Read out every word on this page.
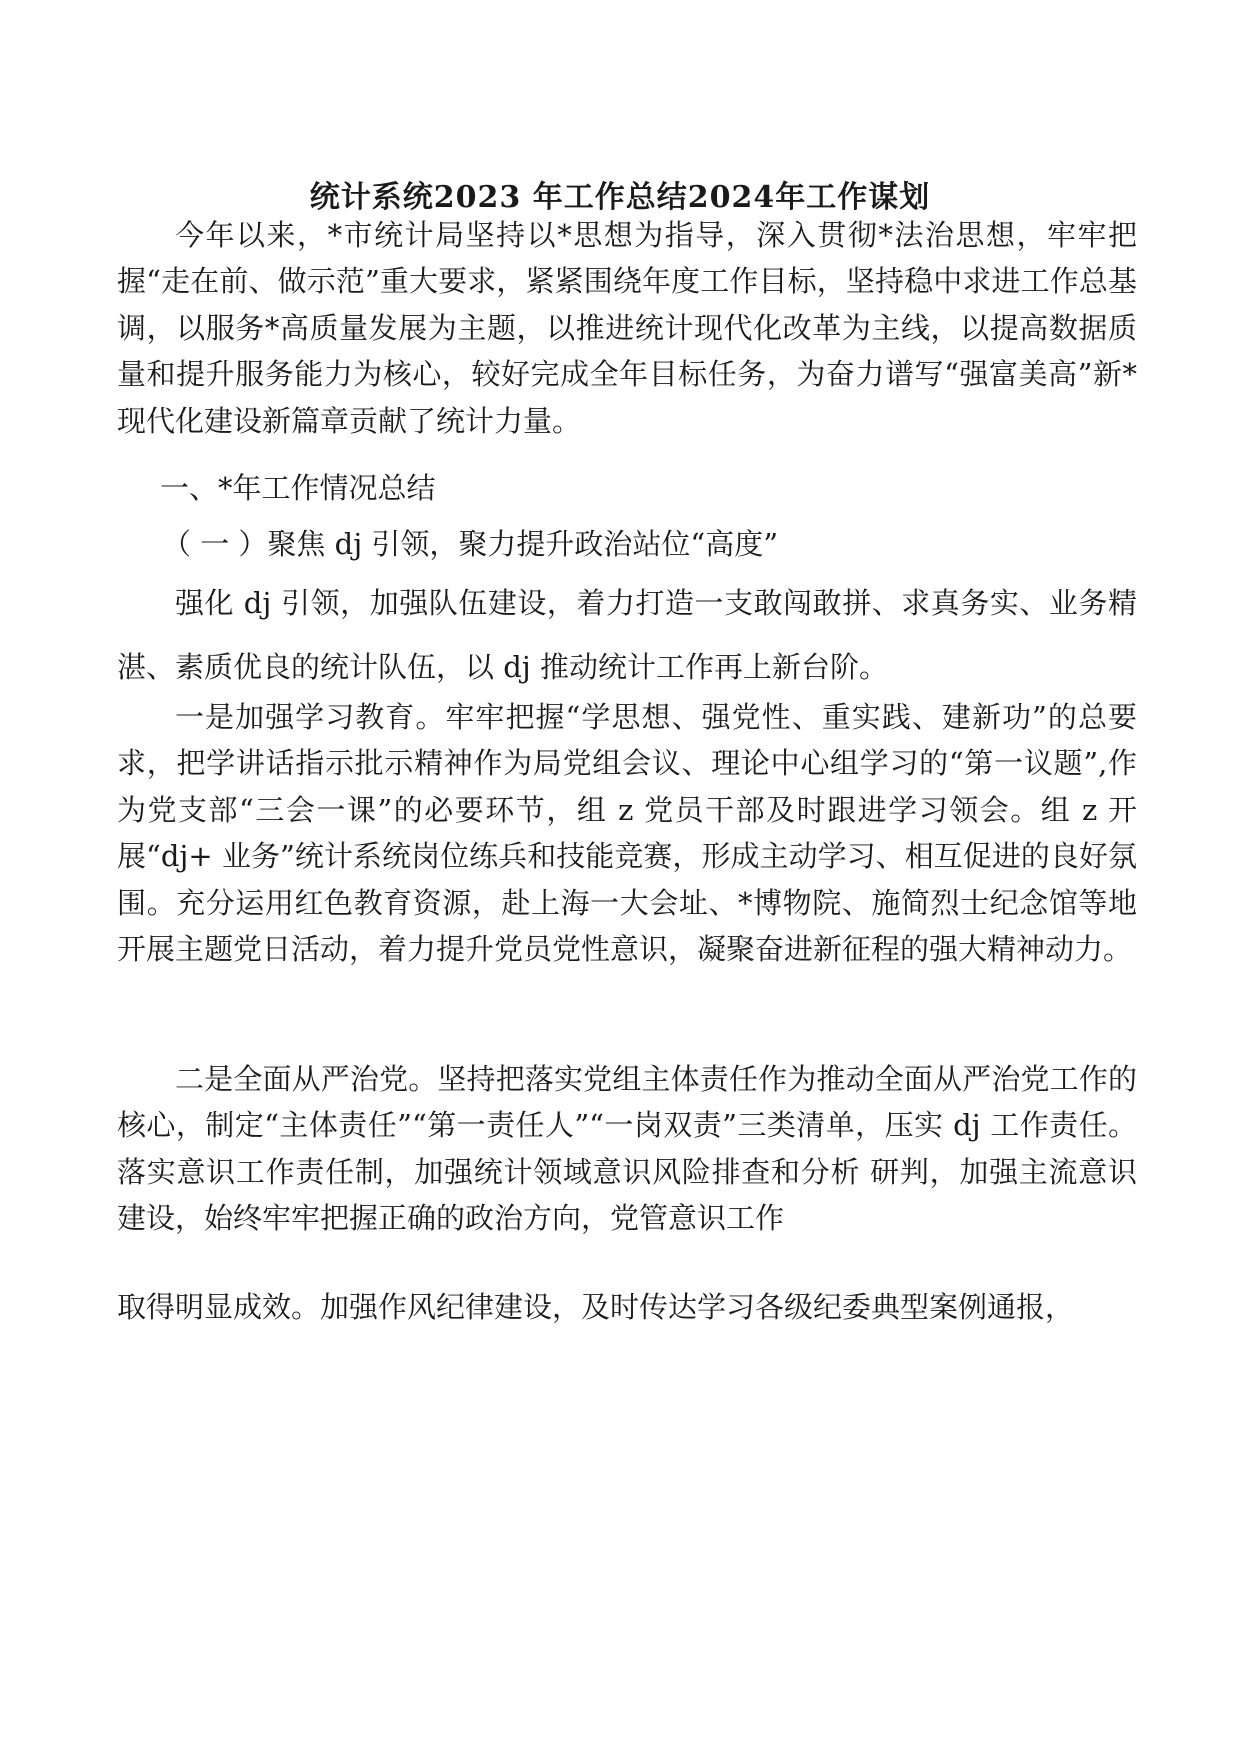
统计系统2023 年工作总结2024年工作谋划

今年以来，*市统计局坚持以*思想为指导，深入贯彻*法治思想，牢牢把握“走在前、做示范”重大要求，紧紧围绕年度工作目标，坚持稳中求进工作总基调，以服务*高质量发展为主题，以推进统计现代化改革为主线，以提高数据质量和提升服务能力为核心，较好完成全年目标任务，为奋力谱写“强富美高”新*现代化建设新篇章贡献了统计力量。

一、*年工作情况总结
（ 一 ）聚焦 dj 引领，聚力提升政治站位“高度”

强化 dj 引领，加强队伍建设，着力打造一支敢闯敢拼、求真务实、业务精湛、素质优良的统计队伍，以 dj 推动统计工作再上新台阶。

一是加强学习教育。牢牢把握“学思想、强党性、重实践、建新功”的总要求，把学讲话指示批示精神作为局党组会议、理论中心组学习的“第一议题”,作为党支部“三会一课”的必要环节，组 z 党员干部及时跟进学习领会。组 z 开展“dj+ 业务”统计系统岗位练兵和技能竞赛，形成主动学习、相互促进的良好氛围。充分运用红色教育资源，赴上海一大会址、*博物院、施简烈士纪念馆等地开展主题党日活动，着力提升党员党性意识，凝聚奋进新征程的强大精神动力。

二是全面从严治党。坚持把落实党组主体责任作为推动全面从严治党工作的核心，制定“主体责任”“第一责任人”“一岗双责”三类清单，压实 dj 工作责任。落实意识工作责任制，加强统计领域意识风险排查和分析 研判，加强主流意识建设，始终牢牢把握正确的政治方向，党管意识工作

取得明显成效。加强作风纪律建设，及时传达学习各级纪委典型案例通报，
